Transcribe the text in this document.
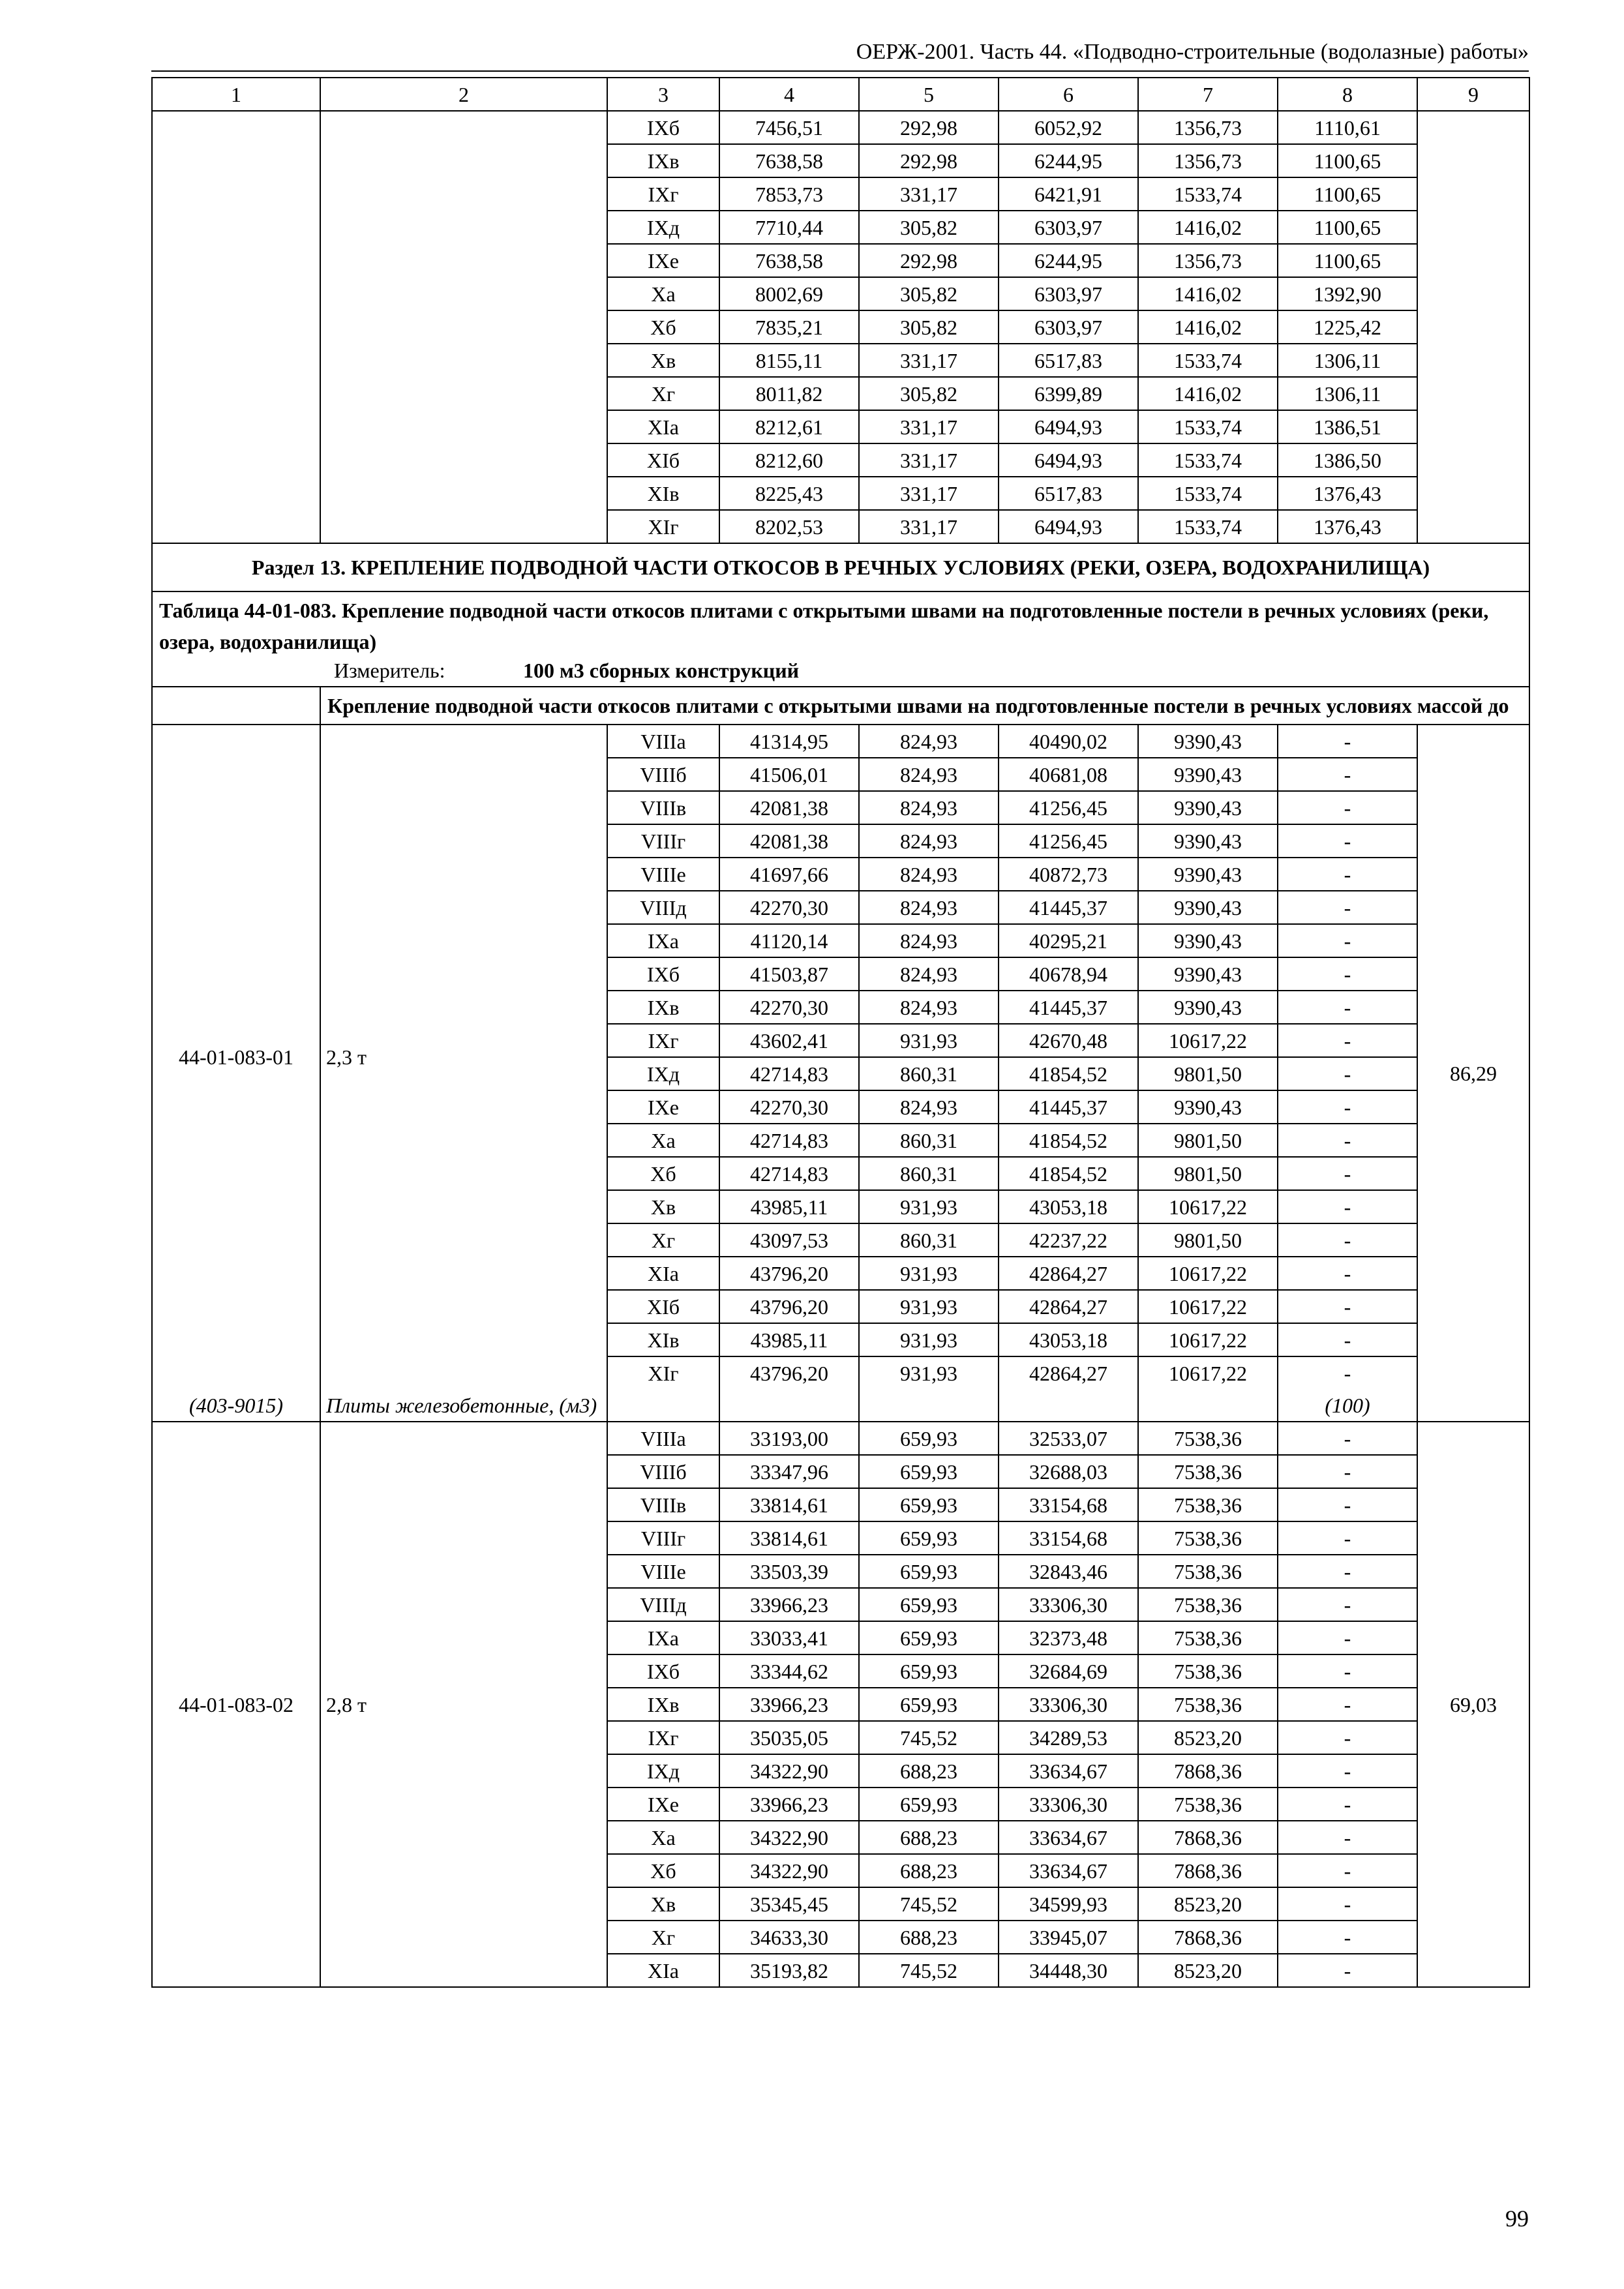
ОЕРЖ-2001. Часть 44. «Подводно-строительные (водолазные) работы»
1	2	3	4	5	6	7	8	9
		IXб	7456,51	292,98	6052,92	1356,73	1110,61	
		IXв	7638,58	292,98	6244,95	1356,73	1100,65	
		IXг	7853,73	331,17	6421,91	1533,74	1100,65	
		IXд	7710,44	305,82	6303,97	1416,02	1100,65	
		IXе	7638,58	292,98	6244,95	1356,73	1100,65	
		Xа	8002,69	305,82	6303,97	1416,02	1392,90	
		Xб	7835,21	305,82	6303,97	1416,02	1225,42	
		Xв	8155,11	331,17	6517,83	1533,74	1306,11	
		Xг	8011,82	305,82	6399,89	1416,02	1306,11	
		XIа	8212,61	331,17	6494,93	1533,74	1386,51	
		XIб	8212,60	331,17	6494,93	1533,74	1386,50	
		XIв	8225,43	331,17	6517,83	1533,74	1376,43	
		XIг	8202,53	331,17	6494,93	1533,74	1376,43	
Раздел 13. КРЕПЛЕНИЕ ПОДВОДНОЙ ЧАСТИ ОТКОСОВ В РЕЧНЫХ УСЛОВИЯХ (РЕКИ, ОЗЕРА, ВОДОХРАНИЛИЩА)								

Таблица 44-01-083. Крепление подводной части откосов плитами с открытыми швами на подготовленные постели в речных условиях (реки, озера, водохранилища)
Измеритель: 100 м3 сборных конструкций								

	Крепление подводной части откосов плитами с открытыми швами на подготовленные постели в речных условиях массой до							
44-01-083-01	2,3 т	VIIIа	41314,95	824,93	40490,02	9390,43	-	86,29
		VIIIб	41506,01	824,93	40681,08	9390,43	-	
		VIIIв	42081,38	824,93	41256,45	9390,43	-	
		VIIIг	42081,38	824,93	41256,45	9390,43	-	
		VIIIе	41697,66	824,93	40872,73	9390,43	-	
		VIIIд	42270,30	824,93	41445,37	9390,43	-	
		IXа	41120,14	824,93	40295,21	9390,43	-	
		IXб	41503,87	824,93	40678,94	9390,43	-	
		IXв	42270,30	824,93	41445,37	9390,43	-	
		IXг	43602,41	931,93	42670,48	10617,22	-	
		IXд	42714,83	860,31	41854,52	9801,50	-	
		IXе	42270,30	824,93	41445,37	9390,43	-	
		Xа	42714,83	860,31	41854,52	9801,50	-	
		Xб	42714,83	860,31	41854,52	9801,50	-	
		Xв	43985,11	931,93	43053,18	10617,22	-	
		Xг	43097,53	860,31	42237,22	9801,50	-	
		XIа	43796,20	931,93	42864,27	10617,22	-	
		XIб	43796,20	931,93	42864,27	10617,22	-	
		XIв	43985,11	931,93	43053,18	10617,22	-	
		XIг	43796,20	931,93	42864,27	10617,22	-	
(403-9015)	Плиты железобетонные, (м3)						(100)	
44-01-083-02	2,8 т	VIIIа	33193,00	659,93	32533,07	7538,36	-	69,03
		VIIIб	33347,96	659,93	32688,03	7538,36	-	
		VIIIв	33814,61	659,93	33154,68	7538,36	-	
		VIIIг	33814,61	659,93	33154,68	7538,36	-	
		VIIIе	33503,39	659,93	32843,46	7538,36	-	
		VIIIд	33966,23	659,93	33306,30	7538,36	-	
		IXа	33033,41	659,93	32373,48	7538,36	-	
		IXб	33344,62	659,93	32684,69	7538,36	-	
		IXв	33966,23	659,93	33306,30	7538,36	-	
		IXг	35035,05	745,52	34289,53	8523,20	-	
		IXд	34322,90	688,23	33634,67	7868,36	-	
		IXе	33966,23	659,93	33306,30	7538,36	-	
		Xа	34322,90	688,23	33634,67	7868,36	-	
		Xб	34322,90	688,23	33634,67	7868,36	-	
		Xв	35345,45	745,52	34599,93	8523,20	-	
		Xг	34633,30	688,23	33945,07	7868,36	-	
		XIа	35193,82	745,52	34448,30	8523,20	-	
99
